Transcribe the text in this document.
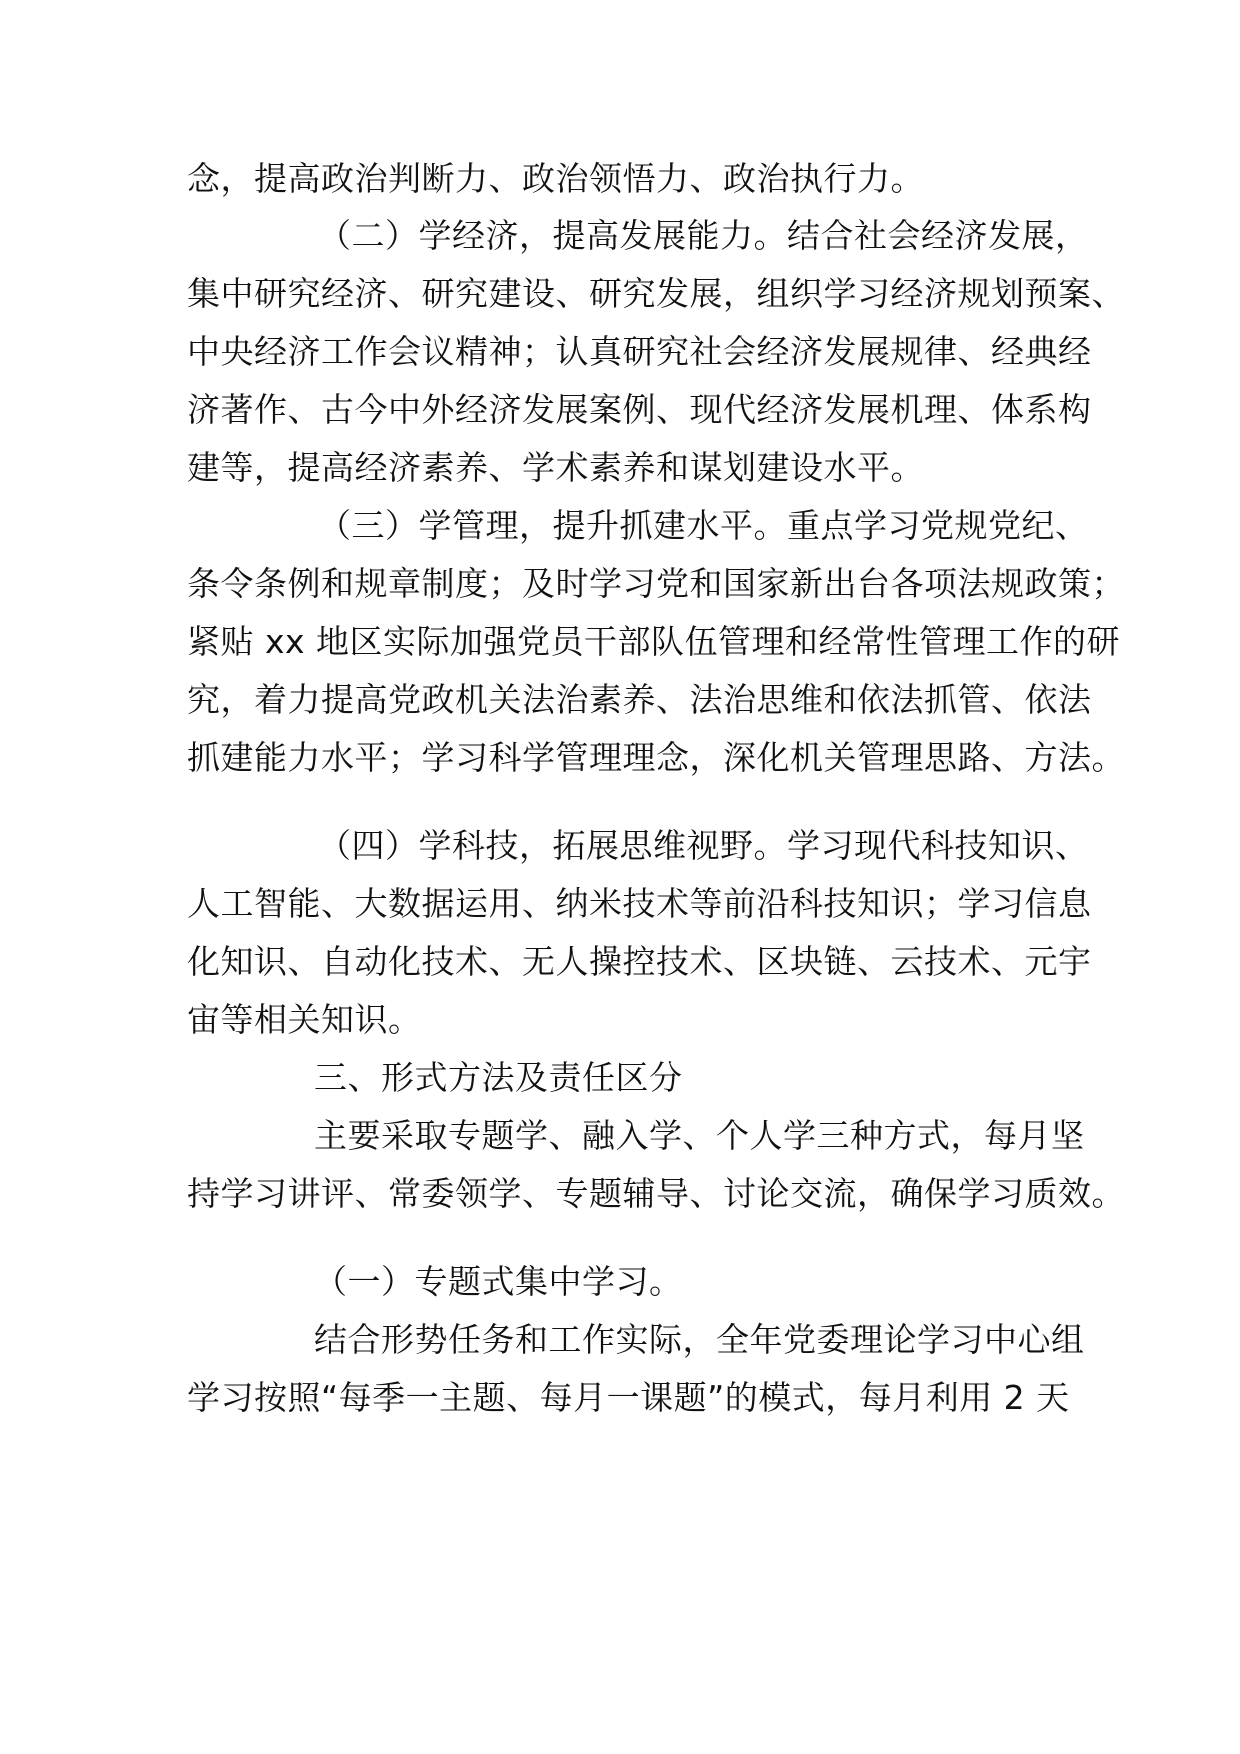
念，提高政治判断力、政治领悟力、政治执行力。
（二）学经济，提高发展能力。结合社会经济发展，
集中研究经济、研究建设、研究发展，组织学习经济规划预案、
中央经济工作会议精神；认真研究社会经济发展规律、经典经
济著作、古今中外经济发展案例、现代经济发展机理、体系构
建等，提高经济素养、学术素养和谋划建设水平。
（三）学管理，提升抓建水平。重点学习党规党纪、
条令条例和规章制度；及时学习党和国家新出台各项法规政策；
紧贴 xx 地区实际加强党员干部队伍管理和经常性管理工作的研
究，着力提高党政机关法治素养、法治思维和依法抓管、依法
抓建能力水平；学习科学管理理念，深化机关管理思路、方法。
（四）学科技，拓展思维视野。学习现代科技知识、
人工智能、大数据运用、纳米技术等前沿科技知识；学习信息
化知识、自动化技术、无人操控技术、区块链、云技术、元宇
宙等相关知识。
三、形式方法及责任区分
主要采取专题学、融入学、个人学三种方式，每月坚
持学习讲评、常委领学、专题辅导、讨论交流，确保学习质效。
（一）专题式集中学习。
结合形势任务和工作实际，全年党委理论学习中心组
学习按照“每季一主题、每月一课题”的模式，每月利用 2 天
